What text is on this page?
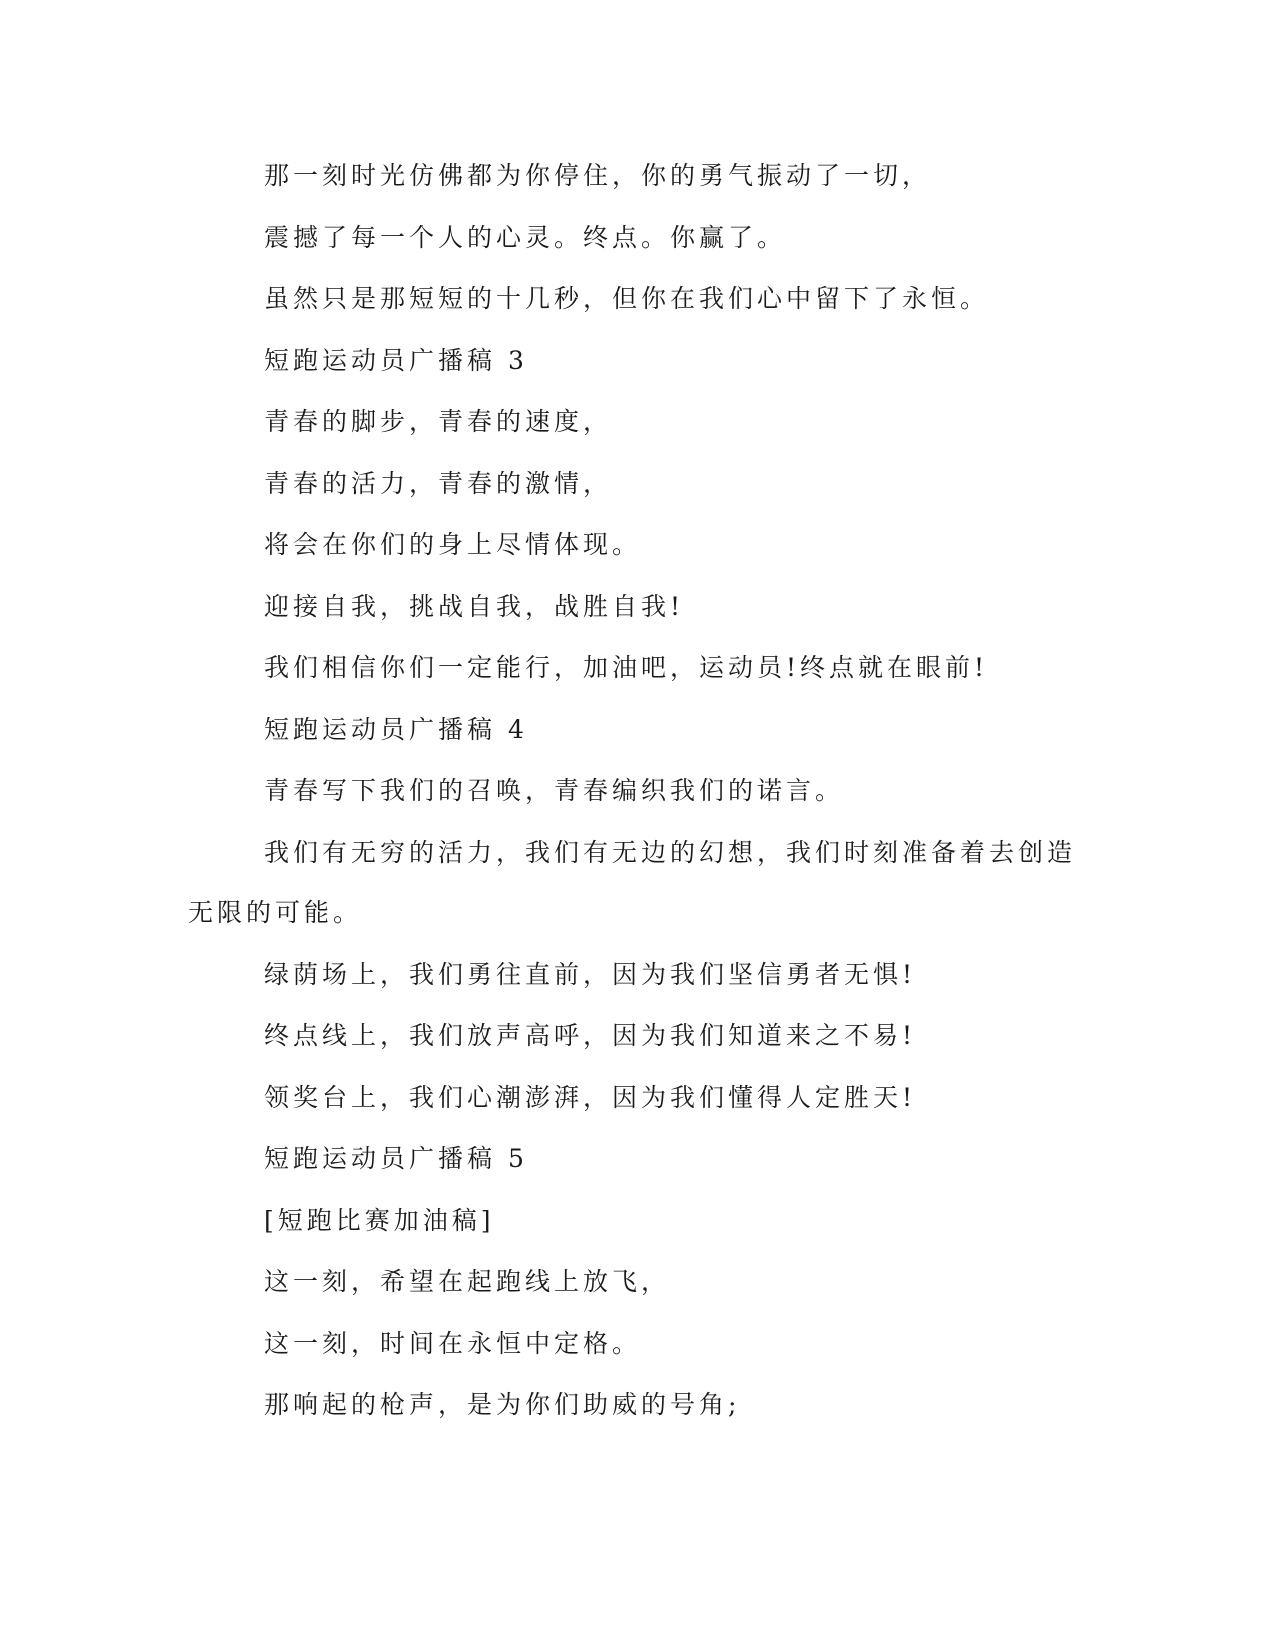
那一刻时光仿佛都为你停住，你的勇气振动了一切，
震撼了每一个人的心灵。终点。你赢了。
虽然只是那短短的十几秒，但你在我们心中留下了永恒。
短跑运动员广播稿 3
青春的脚步，青春的速度，
青春的活力，青春的激情，
将会在你们的身上尽情体现。
迎接自我，挑战自我，战胜自我!
我们相信你们一定能行，加油吧，运动员!终点就在眼前!
短跑运动员广播稿 4
青春写下我们的召唤，青春编织我们的诺言。
我们有无穷的活力，我们有无边的幻想，我们时刻准备着去创造
无限的可能。
绿荫场上，我们勇往直前，因为我们坚信勇者无惧!
终点线上，我们放声高呼，因为我们知道来之不易!
领奖台上，我们心潮澎湃，因为我们懂得人定胜天!
短跑运动员广播稿 5
[短跑比赛加油稿]
这一刻，希望在起跑线上放飞，
这一刻，时间在永恒中定格。
那响起的枪声，是为你们助威的号角;
